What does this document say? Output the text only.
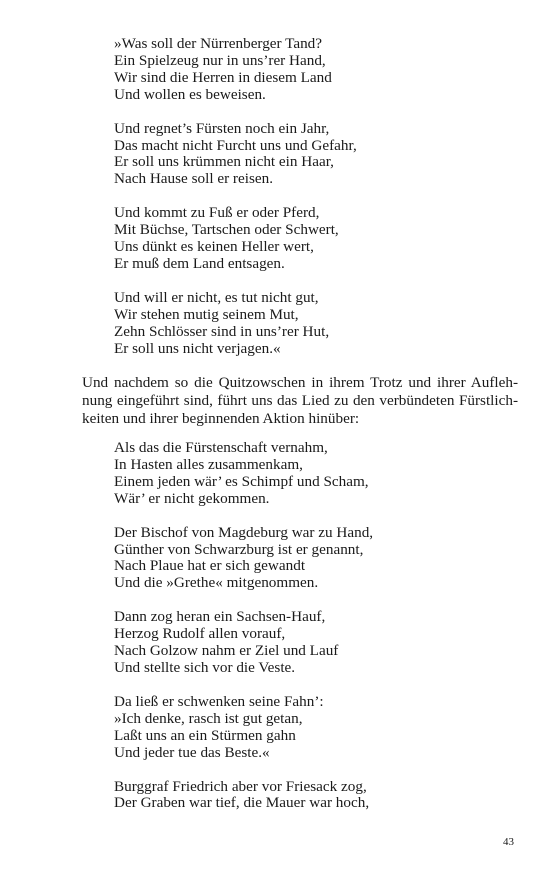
»Was soll der Nürrenberger Tand?
Ein Spielzeug nur in uns’rer Hand,
Wir sind die Herren in diesem Land
Und wollen es beweisen.
Und regnet’s Fürsten noch ein Jahr,
Das macht nicht Furcht uns und Gefahr,
Er soll uns krümmen nicht ein Haar,
Nach Hause soll er reisen.
Und kommt zu Fuß er oder Pferd,
Mit Büchse, Tartschen oder Schwert,
Uns dünkt es keinen Heller wert,
Er muß dem Land entsagen.
Und will er nicht, es tut nicht gut,
Wir stehen mutig seinem Mut,
Zehn Schlösser sind in uns’rer Hut,
Er soll uns nicht verjagen.«
Und nachdem so die Quitzowschen in ihrem Trotz und ihrer Aufleh-
nung eingeführt sind, führt uns das Lied zu den verbündeten Fürstlich-
keiten und ihrer beginnenden Aktion hinüber:
Als das die Fürstenschaft vernahm,
In Hasten alles zusammenkam,
Einem jeden wär’ es Schimpf und Scham,
Wär’ er nicht gekommen.
Der Bischof von Magdeburg war zu Hand,
Günther von Schwarzburg ist er genannt,
Nach Plaue hat er sich gewandt
Und die »Grethe« mitgenommen.
Dann zog heran ein Sachsen-Hauf,
Herzog Rudolf allen vorauf,
Nach Golzow nahm er Ziel und Lauf
Und stellte sich vor die Veste.
Da ließ er schwenken seine Fahn’:
»Ich denke, rasch ist gut getan,
Laßt uns an ein Stürmen gahn
Und jeder tue das Beste.«
Burggraf Friedrich aber vor Friesack zog,
Der Graben war tief, die Mauer war hoch,
43
